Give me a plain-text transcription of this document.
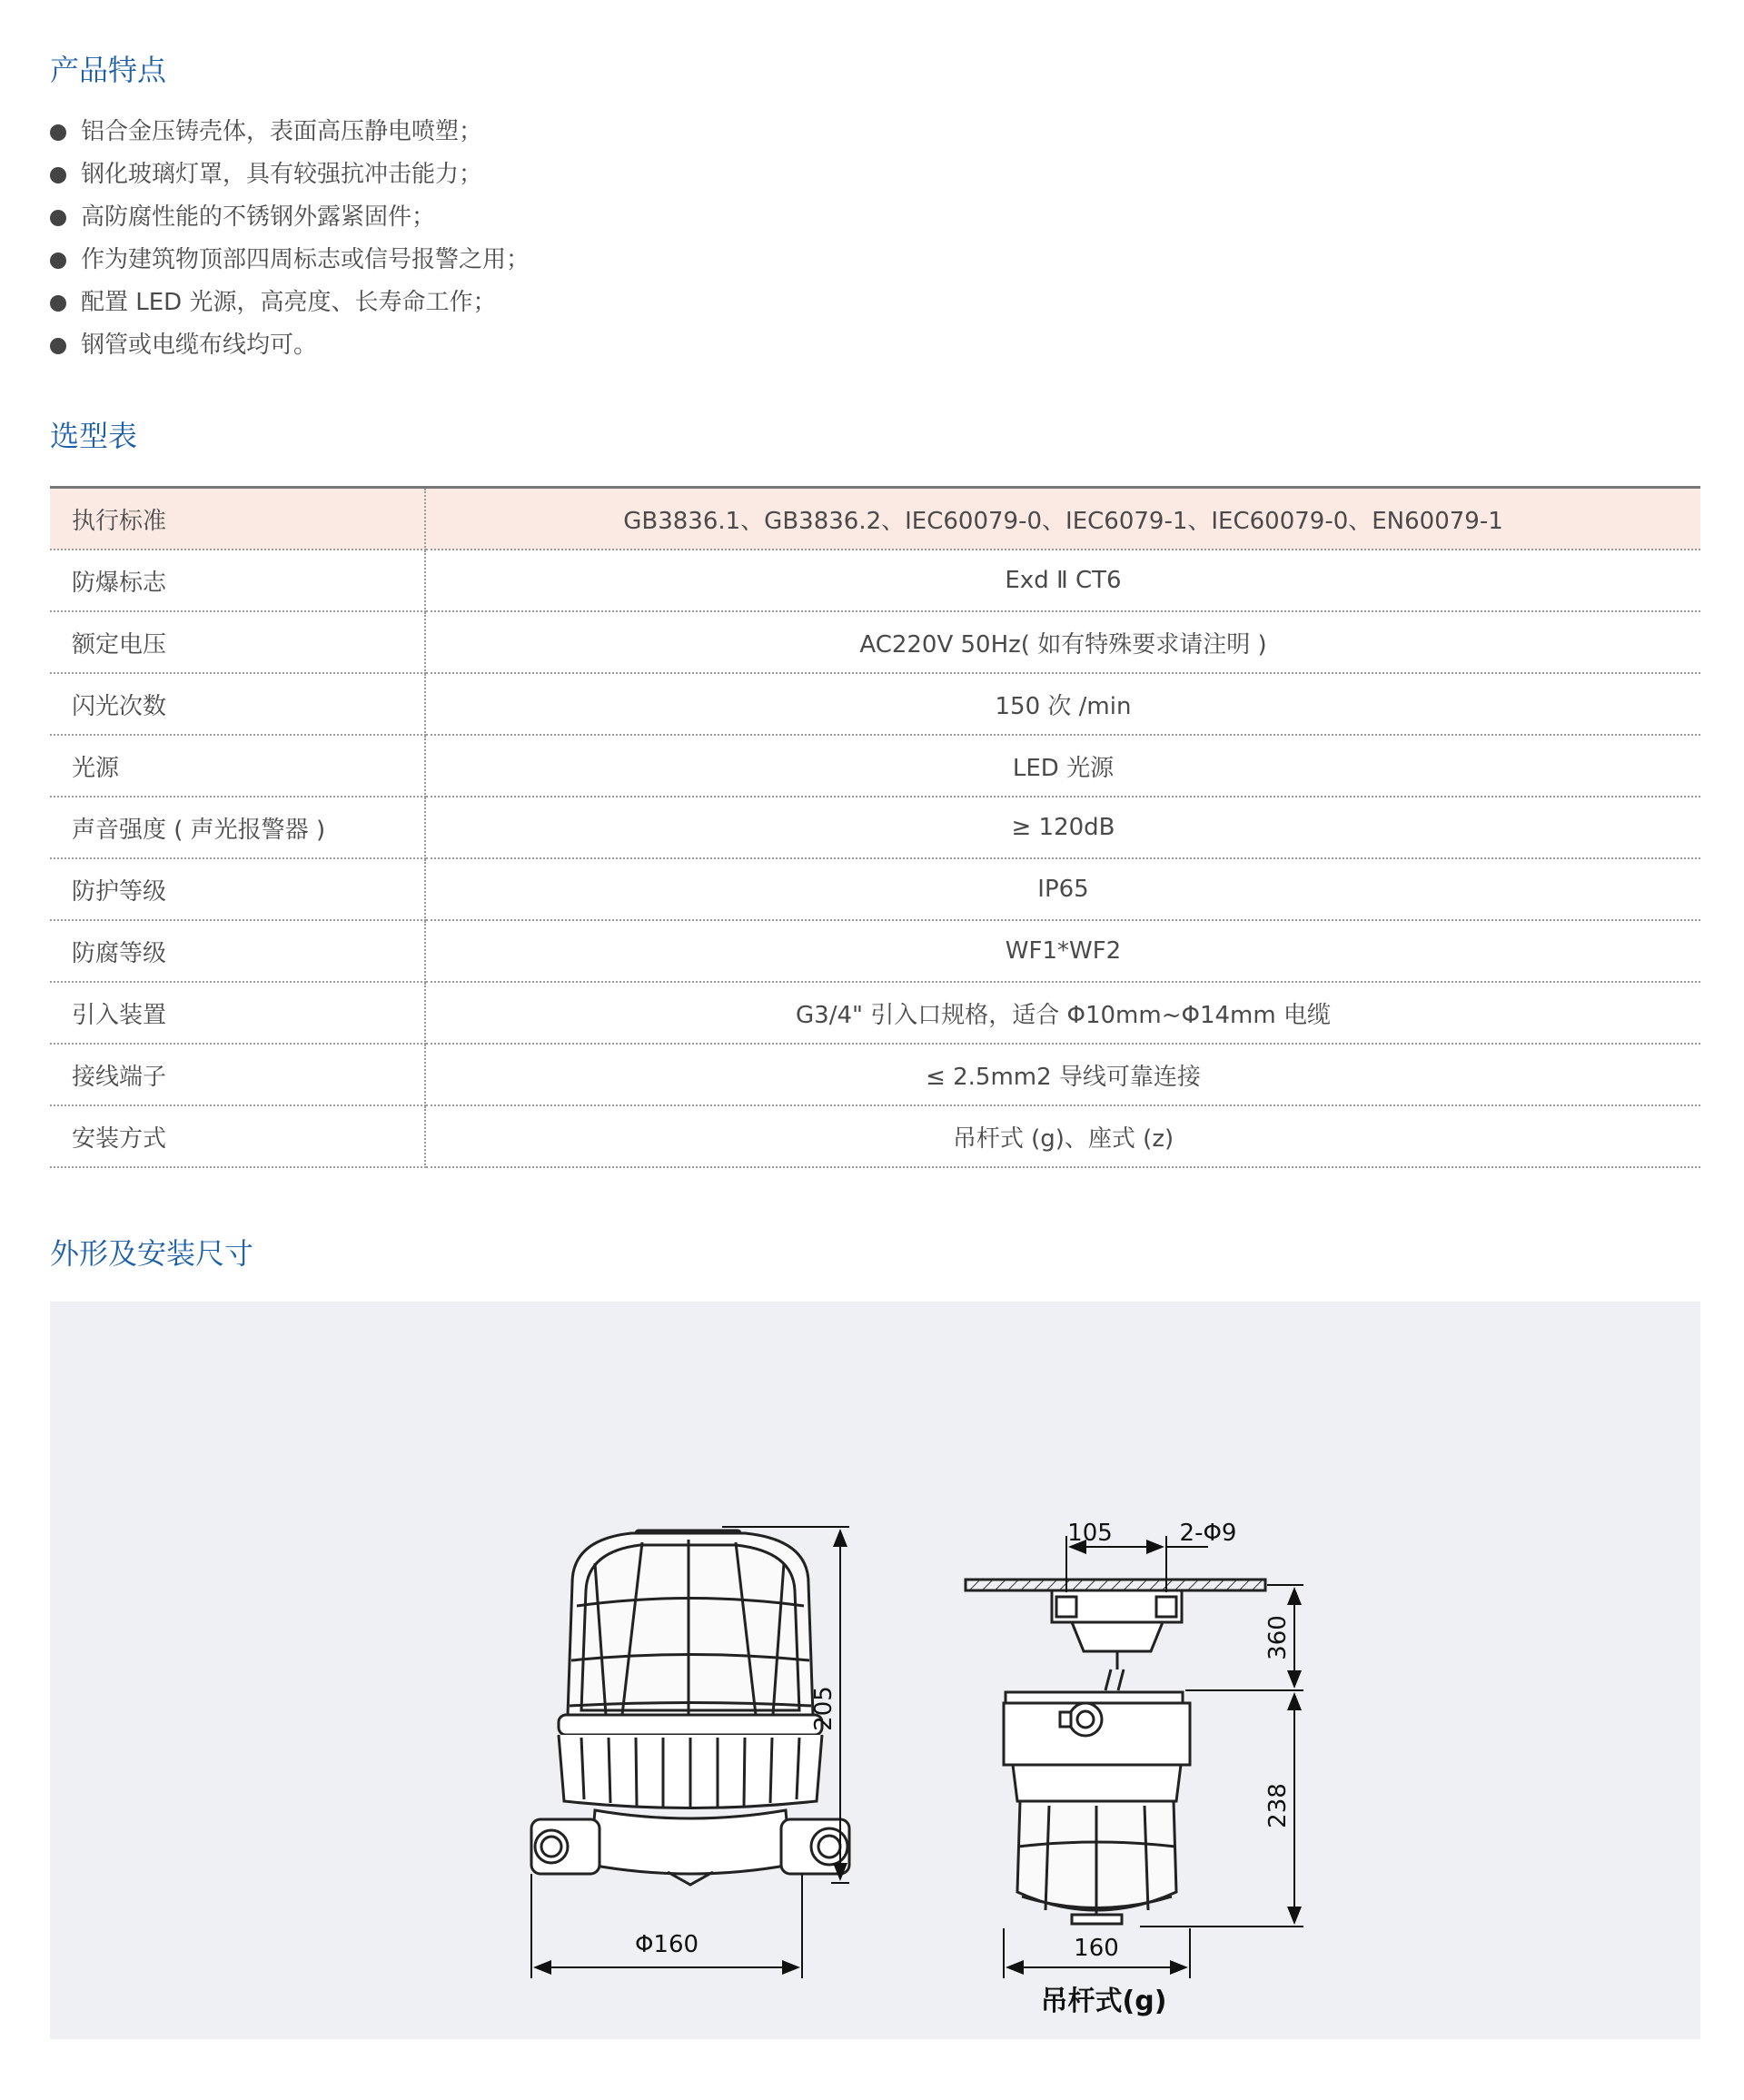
产品特点
铝合金压铸壳体，表面高压静电喷塑；
钢化玻璃灯罩，具有较强抗冲击能力；
高防腐性能的不锈钢外露紧固件；
作为建筑物顶部四周标志或信号报警之用；
配置 LED 光源，高亮度、长寿命工作；
钢管或电缆布线均可。
选型表
执行标准	GB3836.1、GB3836.2、IEC60079-0、IEC6079-1、IEC60079-0、EN60079-1
防爆标志	Exd Ⅱ CT6
额定电压	AC220V 50Hz( 如有特殊要求请注明 )
闪光次数	150 次 /min
光源	LED 光源
声音强度 ( 声光报警器 )	≥ 120dB
防护等级	IP65
防腐等级	WF1*WF2
引入装置	G3/4" 引入口规格，适合 Φ10mm~Φ14mm 电缆
接线端子	≤ 2.5mm2 导线可靠连接
安装方式	吊杆式 (g)、座式 (z)
外形及安装尺寸
205
Φ160
105	2-Φ9
360
238
160
吊杆式(g)
